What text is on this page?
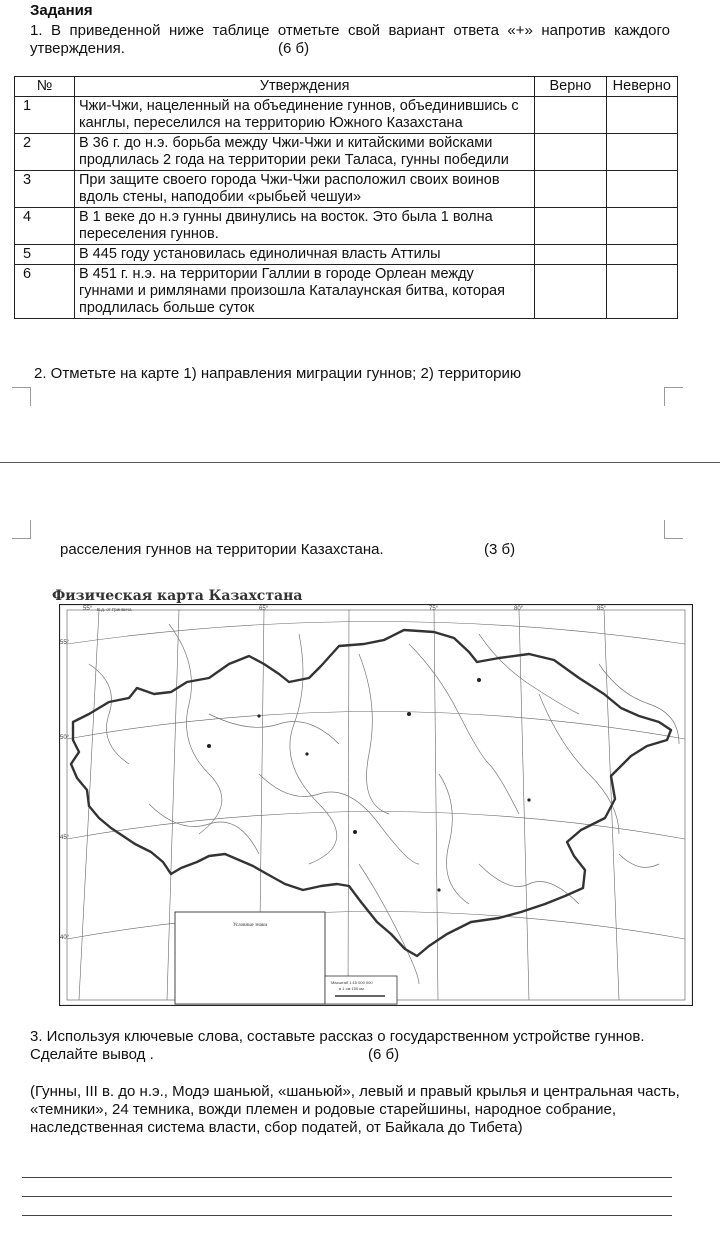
Задания
1. В приведенной ниже таблице отметьте свой вариант ответа «+» напротив каждого утверждения.	(6 б)
№	Утверждения	Верно	Неверно
1	Чжи-Чжи, нацеленный на объединение гуннов, объединившись с канглы, переселился на территорию Южного Казахстана		
2	В 36 г. до н.э. борьба между Чжи-Чжи и китайскими войсками продлилась 2 года на территории реки Таласа, гунны победили		
3	При защите своего города Чжи-Чжи расположил своих воинов вдоль стены, наподобии «рыбьей чешуи»		
4	В 1 веке до н.э гунны двинулись на восток. Это была 1 волна переселения гуннов.		
5	В 445 году установилась единоличная власть Аттилы		
6	В 451 г. н.э. на территории Галлии в городе Орлеан между гуннами и римлянами произошла Каталаунская битва, которая продлилась больше суток		
2. Отметьте на карте 1) направления миграции гуннов; 2) территорию
расселения гуннов на территории Казахстана.	(3 б)
Физическая карта Казахстана
55° В.д. от Гринвича	65°	75°	80°	85°
55°
50°
45°
40°
Условные знаки
Масштаб 1:15 000 000
в 1 см 150 км
3. Используя ключевые слова, составьте рассказ о государственном устройстве гуннов. Сделайте вывод .	(6 б)
(Гунны, III в. до н.э., Модэ шаньюй, «шаньюй», левый и правый крылья и центральная часть, «темники», 24 темника, вожди племен и родовые старейшины, народное собрание, наследственная система власти, сбор податей, от Байкала до Тибета)
